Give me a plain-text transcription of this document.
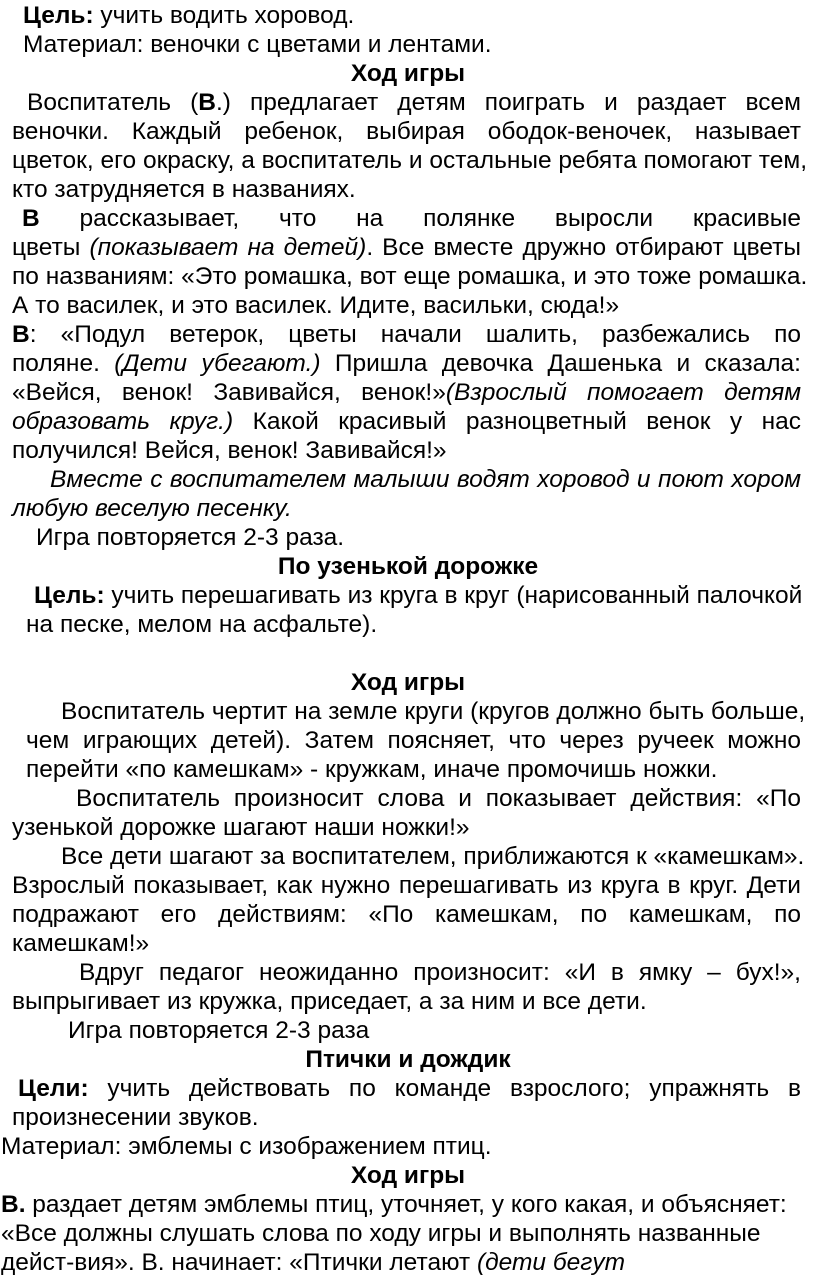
Цель: учить водить хоровод.
Материал: веночки с цветами и лентами.
Ход игры
Воспитатель (В.) предлагает детям поиграть и раздает всем
веночки. Каждый ребенок, выбирая ободок-веночек, называет
цветок, его окраску, а воспитатель и остальные ребята помогают тем,
кто затрудняется в названиях.
В рассказывает, что на полянке выросли красивые
цветы (показывает на детей). Все вместе дружно отбирают цветы
по названиям: «Это ромашка, вот еще ромашка, и это тоже ромашка.
А то василек, и это василек. Идите, васильки, сюда!»
В: «Подул ветерок, цветы начали шалить, разбежались по
поляне. (Дети убегают.) Пришла девочка Дашенька и сказала:
«Вейся, венок! Завивайся, венок!»(Взрослый помогает детям
образовать круг.) Какой красивый разноцветный венок у нас
получился! Вейся, венок! Завивайся!»
Вместе с воспитателем малыши водят хоровод и поют хором
любую веселую песенку.
Игра повторяется 2-3 раза.
По узенькой дорожке
Цель: учить перешагивать из круга в круг (нарисованный палочкой
на песке, мелом на асфальте).
Ход игры
Воспитатель чертит на земле круги (кругов должно быть больше,
чем играющих детей). Затем поясняет, что через ручеек можно
перейти «по камешкам» - кружкам, иначе промочишь ножки.
Воспитатель произносит слова и показывает действия: «По
узенькой дорожке шагают наши ножки!»
Все дети шагают за воспитателем, приближаются к «камешкам».
Взрослый показывает, как нужно перешагивать из круга в круг. Дети
подражают его действиям: «По камешкам, по камешкам, по
камешкам!»
Вдруг педагог неожиданно произносит: «И в ямку – бух!»,
выпрыгивает из кружка, приседает, а за ним и все дети.
Игра повторяется 2-3 раза
Птички и дождик
Цели: учить действовать по команде взрослого; упражнять в
произнесении звуков.
Материал: эмблемы с изображением птиц.
Ход игры
В. раздает детям эмблемы птиц, уточняет, у кого какая, и объясняет:
«Все должны слушать слова по ходу игры и выполнять названные
дейст-вия». В. начинает: «Птички летают (дети бегут
